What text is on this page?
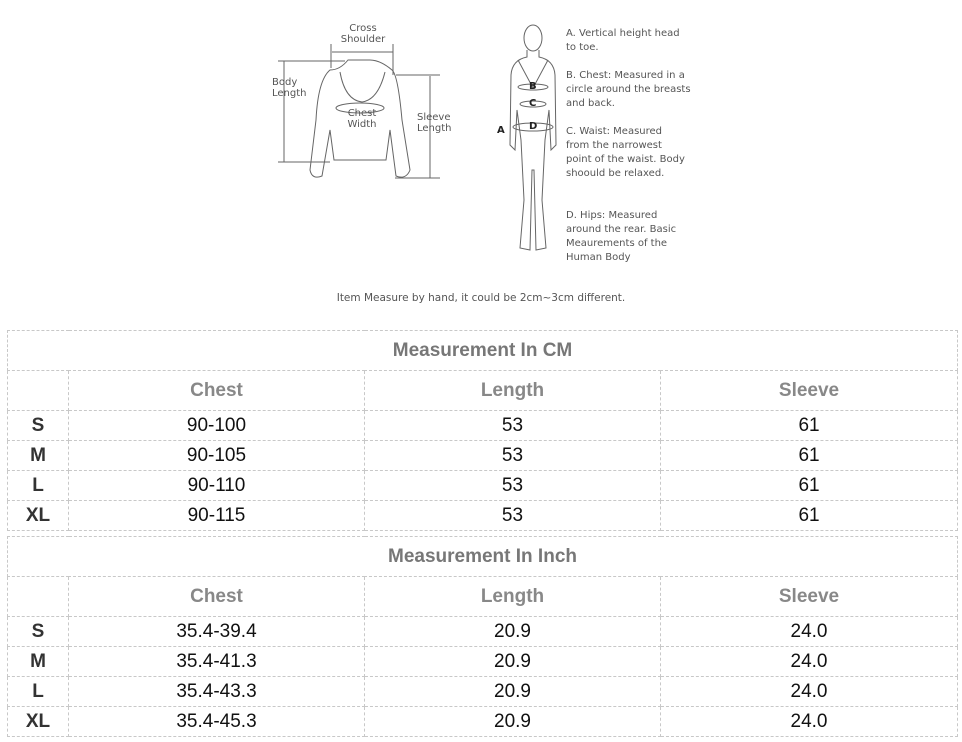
Cross Shoulder
Body Length
Chest Width
Sleeve Length	A
B
C
D
A. Vertical height head to toe.
B. Chest: Measured in a circle around the breasts and back.
C. Waist: Measured from the narrowest point of the waist. Body shoould be relaxed.
D. Hips: Measured around the rear. Basic Meaurements of the Human Body
Item Measure by hand, it could be 2cm~3cm different.
Measurement In CM			
	Chest	Length	Sleeve
S	90-100	53	61
M	90-105	53	61
L	90-110	53	61
XL	90-115	53	61
Measurement In Inch			
	Chest	Length	Sleeve
S	35.4-39.4	20.9	24.0
M	35.4-41.3	20.9	24.0
L	35.4-43.3	20.9	24.0
XL	35.4-45.3	20.9	24.0
